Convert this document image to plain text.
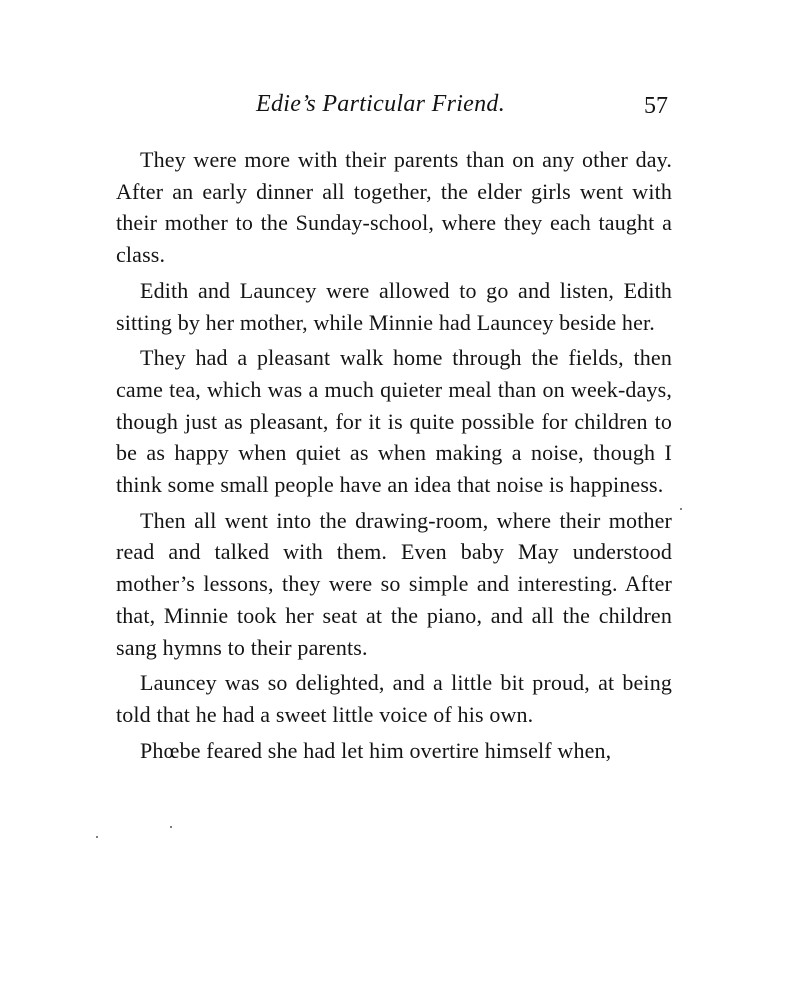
Edie’s Particular Friend.	57

They were more with their parents than on any other day. After an early dinner all together, the elder girls went with their mother to the Sunday-school, where they each taught a class.

Edith and Launcey were allowed to go and listen, Edith sitting by her mother, while Minnie had Launcey beside her.

They had a pleasant walk home through the fields, then came tea, which was a much quieter meal than on week-days, though just as pleasant, for it is quite possible for children to be as happy when quiet as when making a noise, though I think some small people have an idea that noise is happiness.

Then all went into the drawing-room, where their mother read and talked with them. Even baby May understood mother’s lessons, they were so simple and interesting. After that, Minnie took her seat at the piano, and all the children sang hymns to their parents.

Launcey was so delighted, and a little bit proud, at being told that he had a sweet little voice of his own.

Phœbe feared she had let him overtire himself when,
